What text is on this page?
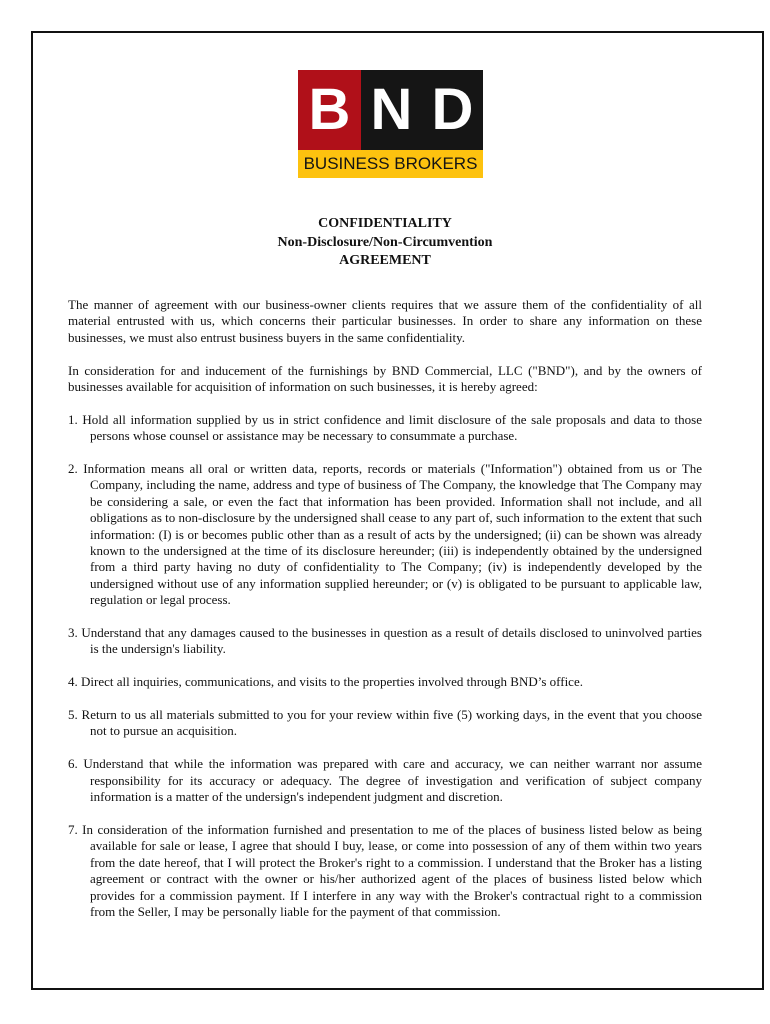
B N D
BUSINESS BROKERS
CONFIDENTIALITY
Non-Disclosure/Non-Circumvention
AGREEMENT

The manner of agreement with our business-owner clients requires that we assure them of the confidentiality of all material entrusted with us, which concerns their particular businesses. In order to share any information on these businesses, we must also entrust business buyers in the same confidentiality.

In consideration for and inducement of the furnishings by BND Commercial, LLC ("BND"), and by the owners of businesses available for acquisition of information on such businesses, it is hereby agreed:

1. Hold all information supplied by us in strict confidence and limit disclosure of the sale proposals and data to those persons whose counsel or assistance may be necessary to consummate a purchase.

2. Information means all oral or written data, reports, records or materials ("Information") obtained from us or The Company, including the name, address and type of business of The Company, the knowledge that The Company may be considering a sale, or even the fact that information has been provided. Information shall not include, and all obligations as to non-disclosure by the undersigned shall cease to any part of, such information to the extent that such information: (I) is or becomes public other than as a result of acts by the undersigned; (ii) can be shown was already known to the undersigned at the time of its disclosure hereunder; (iii) is independently obtained by the undersigned from a third party having no duty of confidentiality to The Company; (iv) is independently developed by the undersigned without use of any information supplied hereunder; or (v) is obligated to be pursuant to applicable law, regulation or legal process.

3. Understand that any damages caused to the businesses in question as a result of details disclosed to uninvolved parties is the undersign's liability.

4. Direct all inquiries, communications, and visits to the properties involved through BND’s office.

5. Return to us all materials submitted to you for your review within five (5) working days, in the event that you choose not to pursue an acquisition.

6. Understand that while the information was prepared with care and accuracy, we can neither warrant nor assume responsibility for its accuracy or adequacy. The degree of investigation and verification of subject company information is a matter of the undersign's independent judgment and discretion.

7. In consideration of the information furnished and presentation to me of the places of business listed below as being available for sale or lease, I agree that should I buy, lease, or come into possession of any of them within two years from the date hereof, that I will protect the Broker's right to a commission. I understand that the Broker has a listing agreement or contract with the owner or his/her authorized agent of the places of business listed below which provides for a commission payment. If I interfere in any way with the Broker's contractual right to a commission from the Seller, I may be personally liable for the payment of that commission.
